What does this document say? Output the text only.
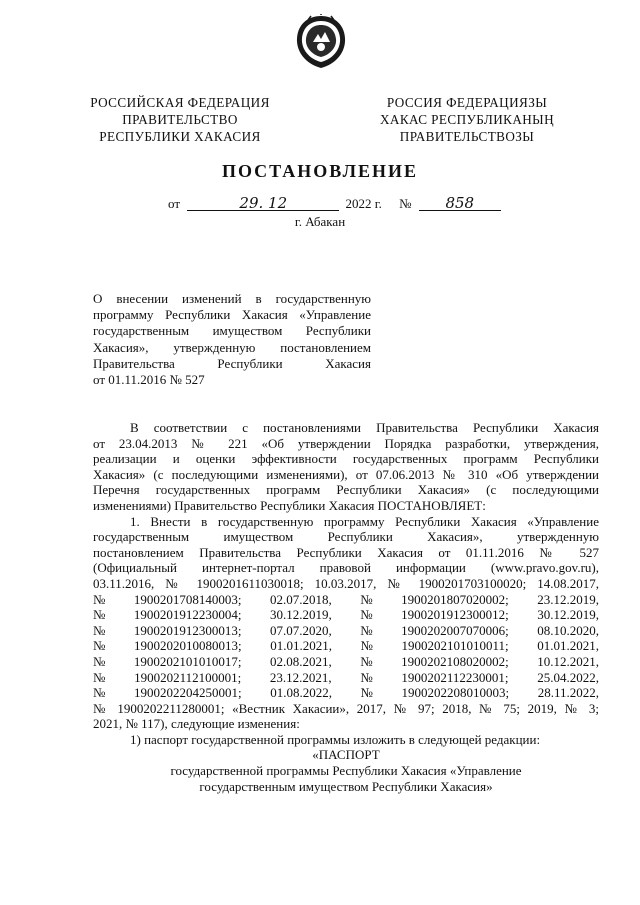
РОССИЙСКАЯ ФЕДЕРАЦИЯ
ПРАВИТЕЛЬСТВО
РЕСПУБЛИКИ ХАКАСИЯ
РОССИЯ ФЕДЕРАЦИЯЗЫ
ХАКАС РЕСПУБЛИКАНЫҢ
ПРАВИТЕЛЬСТВОЗЫ
ПОСТАНОВЛЕНИЕ
от	29. 12	2022 г. № 858
г. Абакан
О внесении изменений в государственную
программу Республики Хакасия «Управление
государственным имуществом Республики
Хакасия», утвержденную постановлением
Правительства Республики Хакасия
от 01.11.2016 № 527
В соответствии с постановлениями Правительства Республики Хакасия
от 23.04.2013 № 221 «Об утверждении Порядка разработки, утверждения,
реализации и оценки эффективности государственных программ Республики
Хакасия» (с последующими изменениями), от 07.06.2013 № 310 «Об утверждении
Перечня государственных программ Республики Хакасия» (с последующими
изменениями) Правительство Республики Хакасия ПОСТАНОВЛЯЕТ:
1. Внести в государственную программу Республики Хакасия «Управление
государственным имуществом Республики Хакасия», утвержденную
постановлением Правительства Республики Хакасия от 01.11.2016 № 527
(Официальный интернет-портал правовой информации (www.pravo.gov.ru),
03.11.2016, № 1900201611030018; 10.03.2017, № 1900201703100020; 14.08.2017,
№ 1900201708140003; 02.07.2018, № 1900201807020002; 23.12.2019,
№ 1900201912230004; 30.12.2019, № 1900201912300012; 30.12.2019,
№ 1900201912300013; 07.07.2020, № 1900202007070006; 08.10.2020,
№ 1900202010080013; 01.01.2021, № 1900202101010011; 01.01.2021,
№ 1900202101010017; 02.08.2021, № 1900202108020002; 10.12.2021,
№ 1900202112100001; 23.12.2021, № 1900202112230001; 25.04.2022,
№ 1900202204250001; 01.08.2022, № 1900202208010003; 28.11.2022,
№ 1900202211280001; «Вестник Хакасии», 2017, № 97; 2018, № 75; 2019, № 3;
2021, № 117), следующие изменения:
1) паспорт государственной программы изложить в следующей редакции:
«ПАСПОРТ
государственной программы Республики Хакасия «Управление
государственным имуществом Республики Хакасия»
